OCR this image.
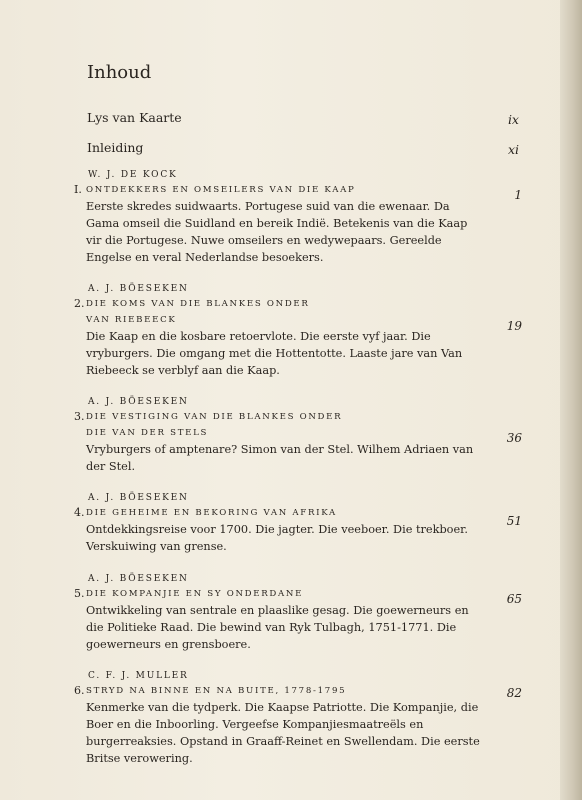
Inhoud
Lys van Kaarte	ix
Inleiding	xi
W. J. DE KOCK
I. ONTDEKKERS EN OMSEILERS VAN DIE KAAP
Eerste skredes suidwaarts. Portugese suid van die ewenaar. Da Gama omseil die Suidland en bereik Indië. Betekenis van die Kaap vir die Portugese. Nuwe omseilers en wedywераars. Gereelde Engelse en veral Nederlandse besoekers.
1
A. J. BÖESEKEN
2. DIE KOMS VAN DIE BLANKES ONDER
VAN RIEBEECK
Die Kaap en die kosbare retoervlote. Die eerste vyf jaar. Die vryburgers. Die omgang met die Hottentotte. Laaste jare van Van Riebeeck se verblyf aan die Kaap.
19
A. J. BÖESEKEN
3. DIE VESTIGING VAN DIE BLANKES ONDER
DIE VAN DER STELS
Vryburgers of amptenare? Simon van der Stel. Wilhem Adriaen van der Stel.
36
A. J. BÖESEKEN
4. DIE GEHEIME EN BEKORING VAN AFRIKA
Ontdekkingsreise voor 1700. Die jagter. Die veeboer. Die trekboer. Verskuiwing van grense.
51
A. J. BÖESEKEN
5. DIE KOMPANJIE EN SY ONDERDANE
Ontwikkeling van sentrale en plaaslike gesag. Die goewerneurs en die Politieke Raad. Die bewind van Ryk Tulbagh, 1751-1771. Die goewerneurs en grensboere.
65
C. F. J. MULLER
6. STRYD NA BINNE EN NA BUITE, 1778-1795
Kenmerke van die tydperk. Die Kaapse Patriotte. Die Kompanjie, die Boer en die Inboorling. Vergeefse Kompanjiesmaatreëls en burgerreaksies. Opstand in Graaff-Reinet en Swellendam. Die eerste Britse verowering.
82
